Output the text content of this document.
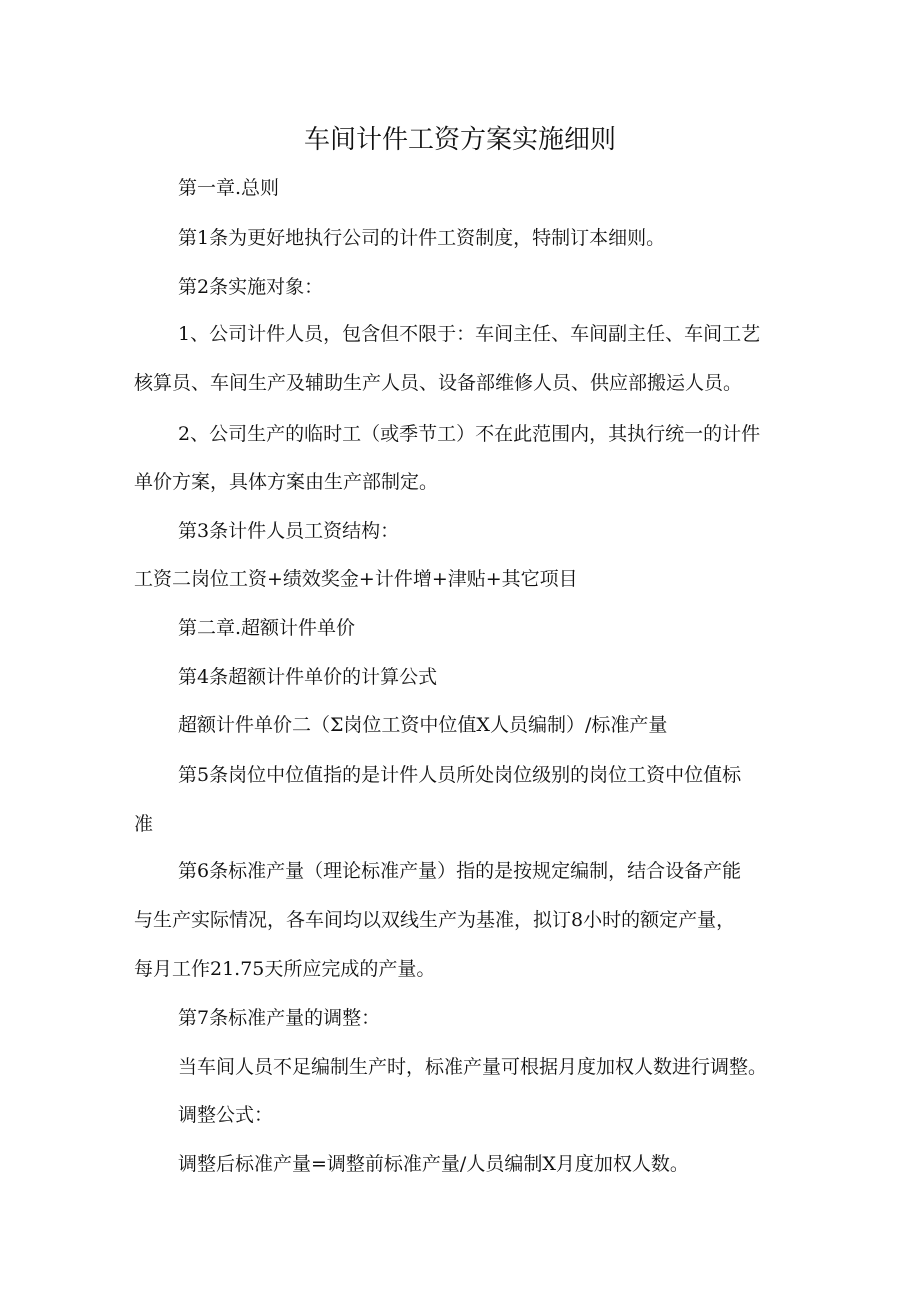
车间计件工资方案实施细则
第一章.总则
第1条为更好地执行公司的计件工资制度，特制订本细则。
第2条实施对象：
1、公司计件人员，包含但不限于：车间主任、车间副主任、车间工艺
核算员、车间生产及辅助生产人员、设备部维修人员、供应部搬运人员。
2、公司生产的临时工（或季节工）不在此范围内，其执行统一的计件
单价方案，具体方案由生产部制定。
第3条计件人员工资结构：
工资二岗位工资+绩效奖金+计件增+津贴+其它项目
第二章.超额计件单价
第4条超额计件单价的计算公式
超额计件单价二（Σ岗位工资中位值X人员编制）/标准产量
第5条岗位中位值指的是计件人员所处岗位级别的岗位工资中位值标
准
第6条标准产量（理论标准产量）指的是按规定编制，结合设备产能
与生产实际情况，各车间均以双线生产为基准，拟订8小时的额定产量，
每月工作21.75天所应完成的产量。
第7条标准产量的调整：
当车间人员不足编制生产时，标准产量可根据月度加权人数进行调整。
调整公式：
调整后标准产量=调整前标准产量/人员编制X月度加权人数。
